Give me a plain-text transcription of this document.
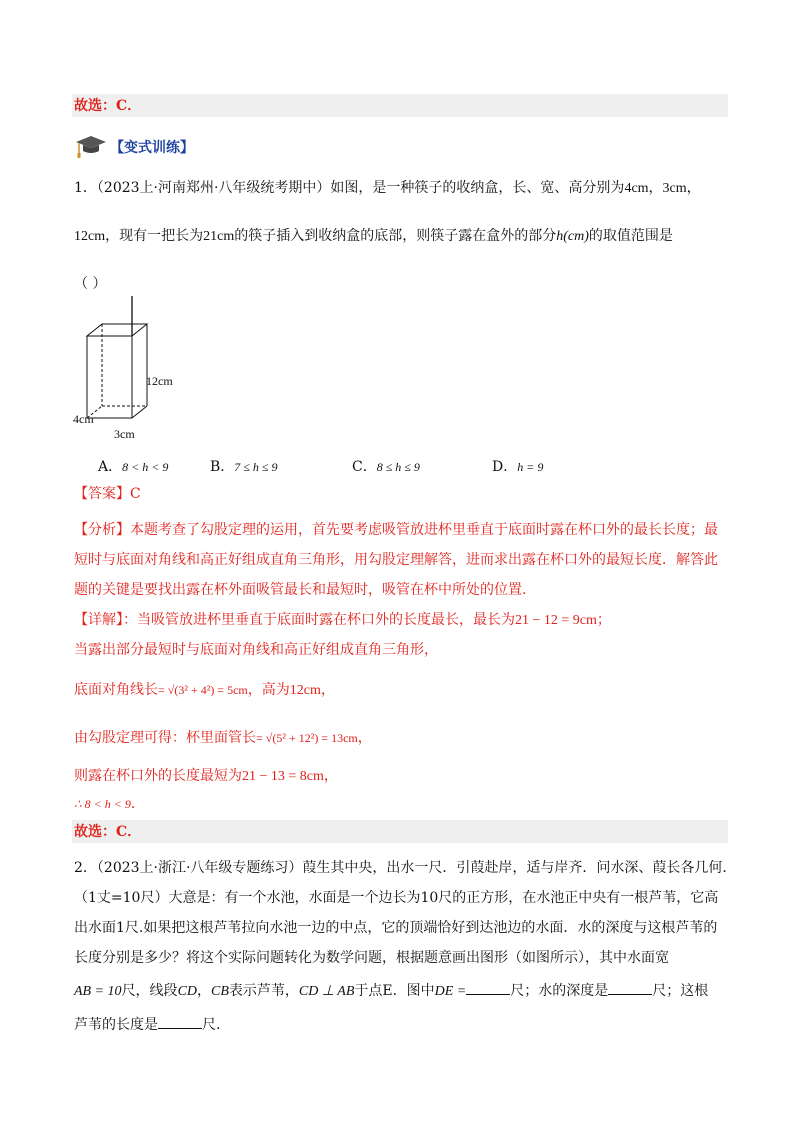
故选：C．
【变式训练】
1．（2023上·河南郑州·八年级统考期中）如图，是一种筷子的收纳盒，长、宽、高分别为4cm，3cm，
12cm，现有一把长为21cm的筷子插入到收纳盒的底部，则筷子露在盒外的部分h(cm)的取值范围是
（ ）
12cm
4cm
3cm
A．8 < h < 9	B．7 ≤ h ≤ 9	C．8 ≤ h ≤ 9	D．h = 9
【答案】C
【分析】本题考查了勾股定理的运用，首先要考虑吸管放进杯里垂直于底面时露在杯口外的最长长度；最
短时与底面对角线和高正好组成直角三角形，用勾股定理解答，进而求出露在杯口外的最短长度．解答此
题的关键是要找出露在杯外面吸管最长和最短时，吸管在杯中所处的位置.
【详解】：当吸管放进杯里垂直于底面时露在杯口外的长度最长，最长为21 − 12 = 9cm；
当露出部分最短时与底面对角线和高正好组成直角三角形，
底面对角线长= √(3² + 4²) = 5cm，高为12cm，
由勾股定理可得：杯里面管长= √(5² + 12²) = 13cm，
则露在杯口外的长度最短为21 − 13 = 8cm，
∴ 8 < h < 9．
故选：C．
2．（2023上·浙江·八年级专题练习）葭生其中央，出水一尺．引葭赴岸，适与岸齐．问水深、葭长各几何．
（1丈=10尺）大意是：有一个水池，水面是一个边长为10尺的正方形，在水池正中央有一根芦苇，它高
出水面1尺.如果把这根芦苇拉向水池一边的中点，它的顶端恰好到达池边的水面．水的深度与这根芦苇的
长度分别是多少？将这个实际问题转化为数学问题，根据题意画出图形（如图所示），其中水面宽
AB = 10尺，线段CD，CB表示芦苇，CD ⊥ AB于点E．图中DE =	尺；水的深度是	尺；这根
芦苇的长度是	尺.
